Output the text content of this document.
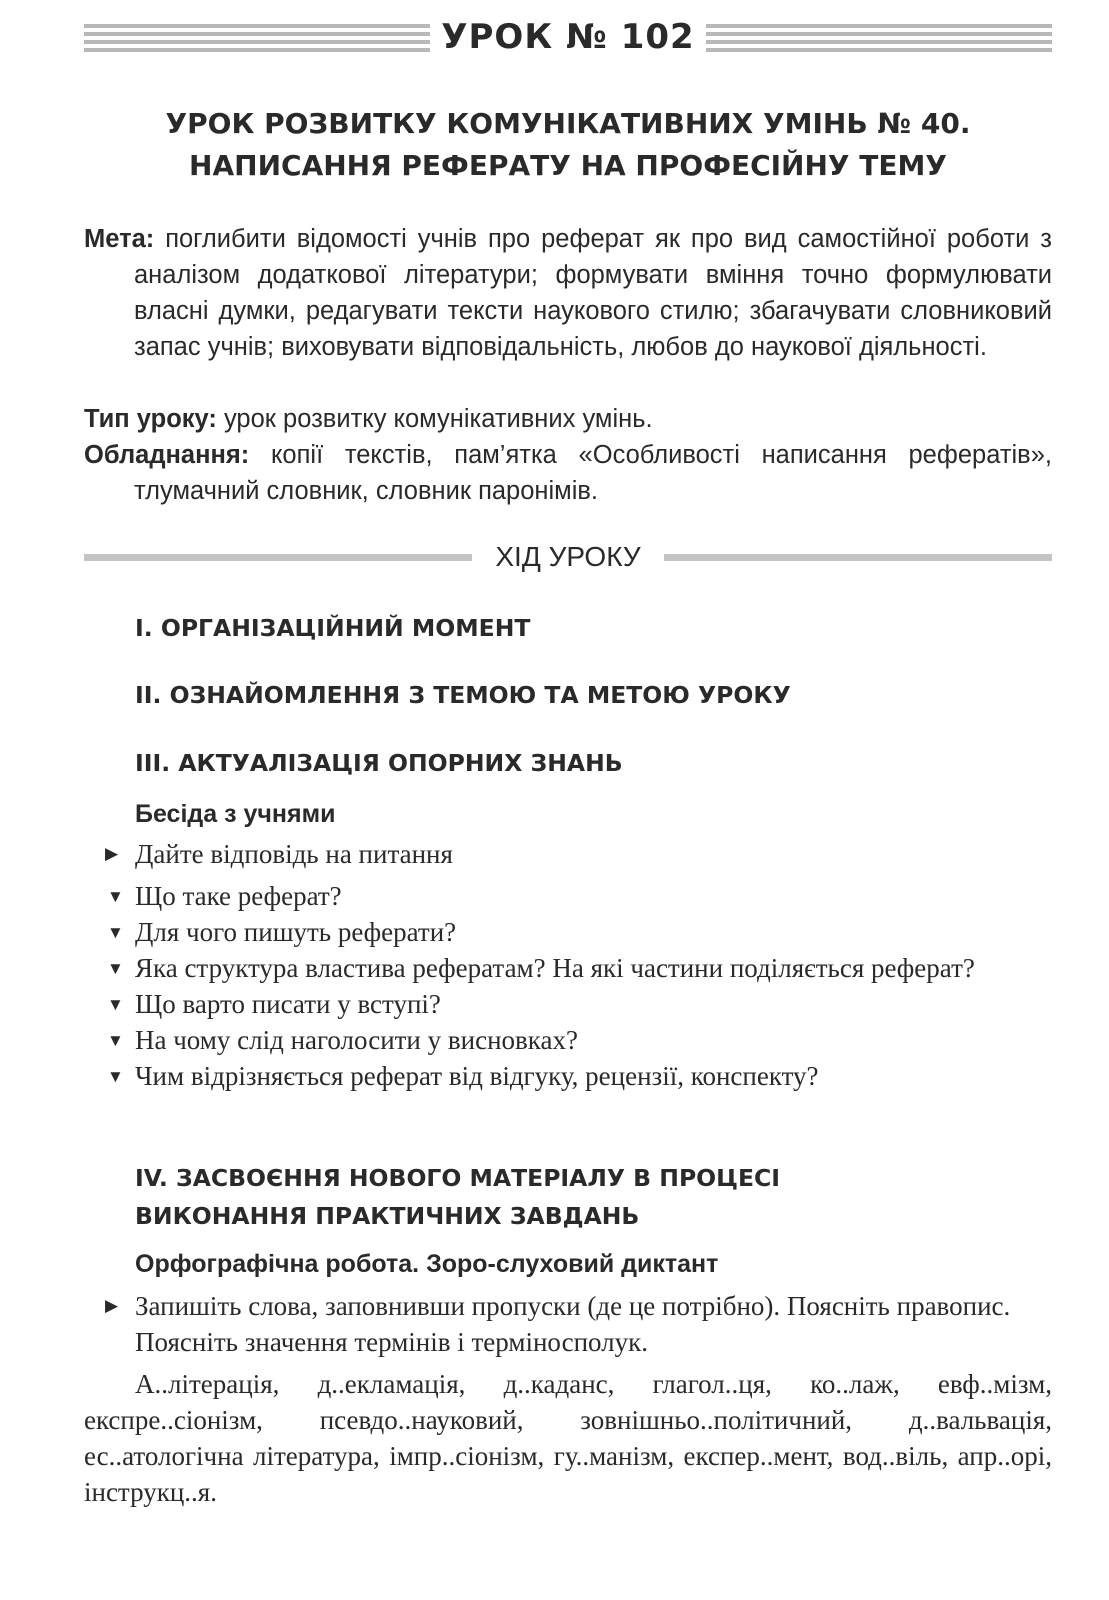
УРОК № 102
УРОК РОЗВИТКУ КОМУНІКАТИВНИХ УМІНЬ № 40.
НАПИСАННЯ РЕФЕРАТУ НА ПРОФЕСІЙНУ ТЕМУ
Мета: поглибити відомості учнів про реферат як про вид самостійної роботи з аналізом додаткової літератури; формувати вміння точно формулювати власні думки, редагувати тексти наукового стилю; збагачувати словниковий запас учнів; виховувати відповідальність, любов до наукової діяльності.
Тип уроку: урок розвитку комунікативних умінь.
Обладнання: копії текстів, пам’ятка «Особливості написання рефератів», тлумачний словник, словник паронімів.
ХІД УРОКУ
I. ОРГАНІЗАЦІЙНИЙ МОМЕНТ
II. ОЗНАЙОМЛЕННЯ З ТЕМОЮ ТА МЕТОЮ УРОКУ
III. АКТУАЛІЗАЦІЯ ОПОРНИХ ЗНАНЬ
Бесіда з учнями
▶ Дайте відповідь на питання
▼ Що таке реферат?
▼ Для чого пишуть реферати?
▼ Яка структура властива рефератам? На які частини поділяється реферат?
▼ Що варто писати у вступі?
▼ На чому слід наголосити у висновках?
▼ Чим відрізняється реферат від відгуку, рецензії, конспекту?
IV. ЗАСВОЄННЯ НОВОГО МАТЕРІАЛУ В ПРОЦЕСІ
ВИКОНАННЯ ПРАКТИЧНИХ ЗАВДАНЬ
Орфографічна робота. Зоро-слуховий диктант
▶ Запишіть слова, заповнивши пропуски (де це потрібно). Поясніть правопис. Поясніть значення термінів і терміносполук.
А..літерація, д..екламація, д..каданс, глагол..ця, ко..лаж, евф..мізм, експре..сіонізм, псевдо..науковий, зовнішньо..політичний, д..вальвація, ес..атологічна література, імпр..сіонізм, гу..манізм, експер..мент, вод..віль, апр..орі, інструкц..я.
